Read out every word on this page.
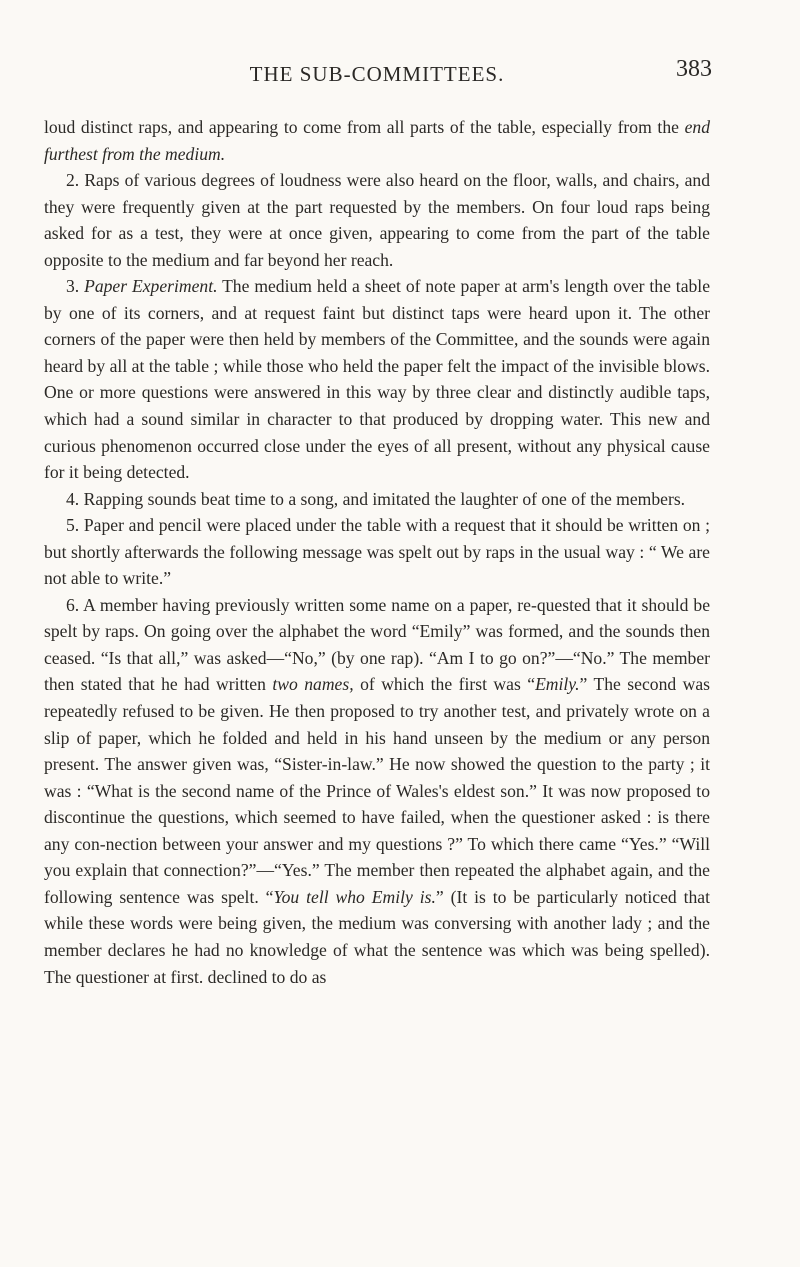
THE SUB-COMMITTEES.	383

loud distinct raps, and appearing to come from all parts of the table, especially from the end furthest from the medium.

2. Raps of various degrees of loudness were also heard on the floor, walls, and chairs, and they were frequently given at the part requested by the members. On four loud raps being asked for as a test, they were at once given, appearing to come from the part of the table opposite to the medium and far beyond her reach.

3. Paper Experiment. The medium held a sheet of note paper at arm's length over the table by one of its corners, and at request faint but distinct taps were heard upon it. The other corners of the paper were then held by members of the Committee, and the sounds were again heard by all at the table ; while those who held the paper felt the impact of the invisible blows. One or more questions were answered in this way by three clear and distinctly audible taps, which had a sound similar in character to that produced by dropping water. This new and curious phenomenon occurred close under the eyes of all present, without any physical cause for it being detected.

4. Rapping sounds beat time to a song, and imitated the laughter of one of the members.

5. Paper and pencil were placed under the table with a request that it should be written on ; but shortly afterwards the following message was spelt out by raps in the usual way : “ We are not able to write.”

6. A member having previously written some name on a paper, re-quested that it should be spelt by raps. On going over the alphabet the word “Emily” was formed, and the sounds then ceased. “Is that all,” was asked—“No,” (by one rap). “Am I to go on?”—“No.” The member then stated that he had written two names, of which the first was “Emily.” The second was repeatedly refused to be given. He then proposed to try another test, and privately wrote on a slip of paper, which he folded and held in his hand unseen by the medium or any person present. The answer given was, “Sister-in-law.” He now showed the question to the party ; it was : “What is the second name of the Prince of Wales's eldest son.” It was now proposed to discontinue the questions, which seemed to have failed, when the questioner asked : is there any con-nection between your answer and my questions ?” To which there came “Yes.” “Will you explain that connection?”—“Yes.” The member then repeated the alphabet again, and the following sentence was spelt. “You tell who Emily is.” (It is to be particularly noticed that while these words were being given, the medium was conversing with another lady ; and the member declares he had no knowledge of what the sentence was which was being spelled). The questioner at first. declined to do as
